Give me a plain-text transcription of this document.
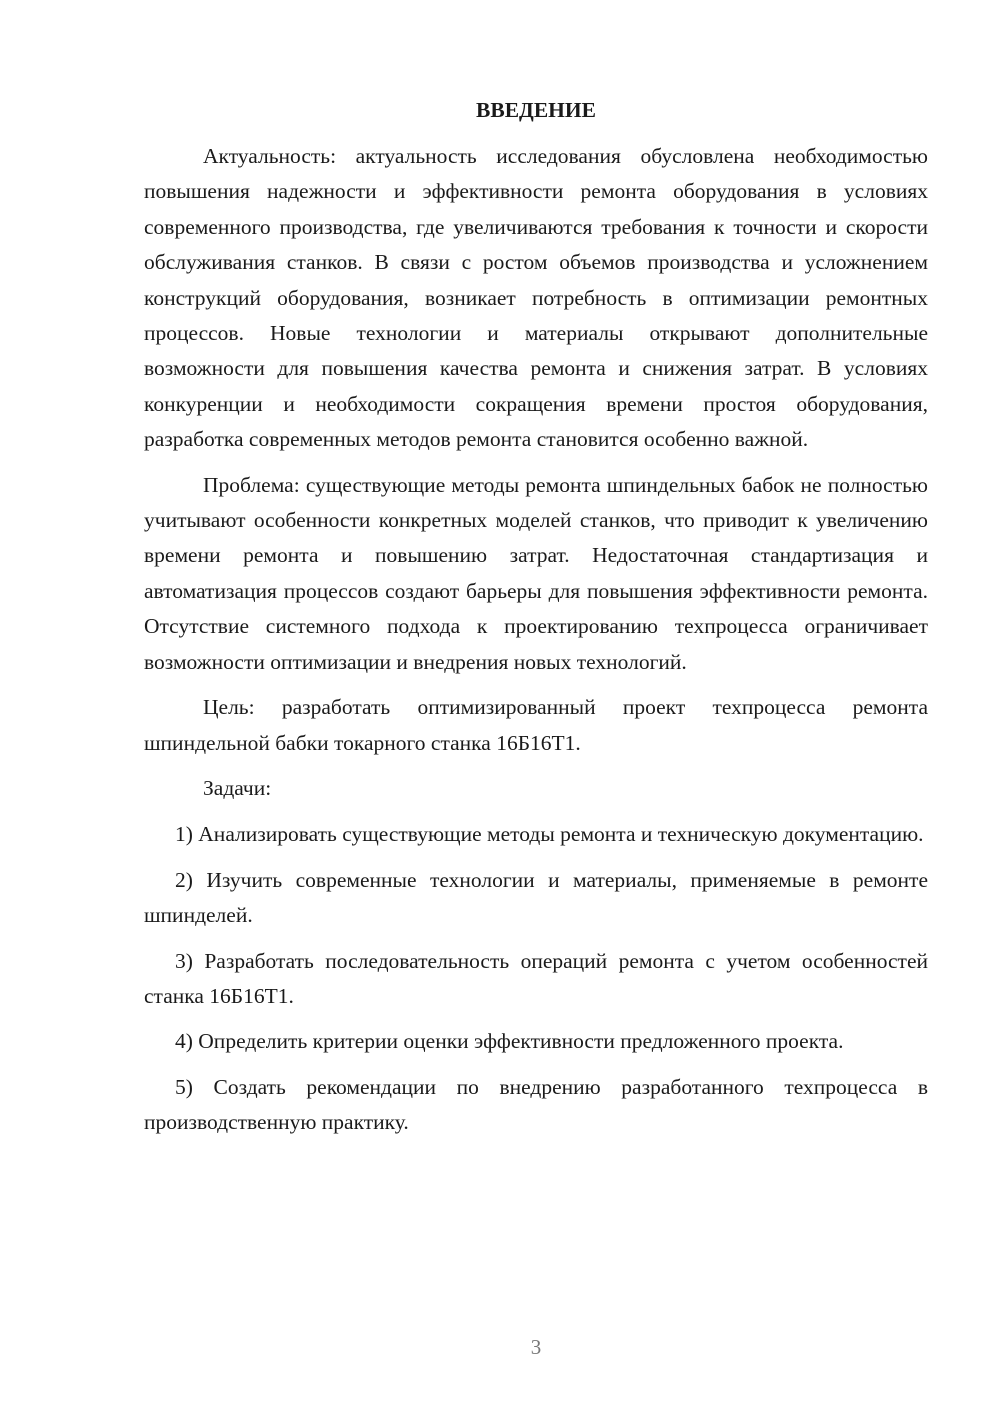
ВВЕДЕНИЕ

Актуальность: актуальность исследования обусловлена необходимостью повышения надежности и эффективности ремонта оборудования в условиях современного производства, где увеличиваются требования к точности и скорости обслуживания станков. В связи с ростом объемов производства и усложнением конструкций оборудования, возникает потребность в оптимизации ремонтных процессов. Новые технологии и материалы открывают дополнительные возможности для повышения качества ремонта и снижения затрат. В условиях конкуренции и необходимости сокращения времени простоя оборудования, разработка современных методов ремонта становится особенно важной.

Проблема: существующие методы ремонта шпиндельных бабок не полностью учитывают особенности конкретных моделей станков, что приводит к увеличению времени ремонта и повышению затрат. Недостаточная стандартизация и автоматизация процессов создают барьеры для повышения эффективности ремонта. Отсутствие системного подхода к проектированию техпроцесса ограничивает возможности оптимизации и внедрения новых технологий.

Цель: разработать оптимизированный проект техпроцесса ремонта шпиндельной бабки токарного станка 16Б16Т1.

Задачи:

1) Анализировать существующие методы ремонта и техническую документацию.

2) Изучить современные технологии и материалы, применяемые в ремонте шпинделей.

3) Разработать последовательность операций ремонта с учетом особенностей станка 16Б16Т1.

4) Определить критерии оценки эффективности предложенного проекта.

5) Создать рекомендации по внедрению разработанного техпроцесса в производственную практику.

3
